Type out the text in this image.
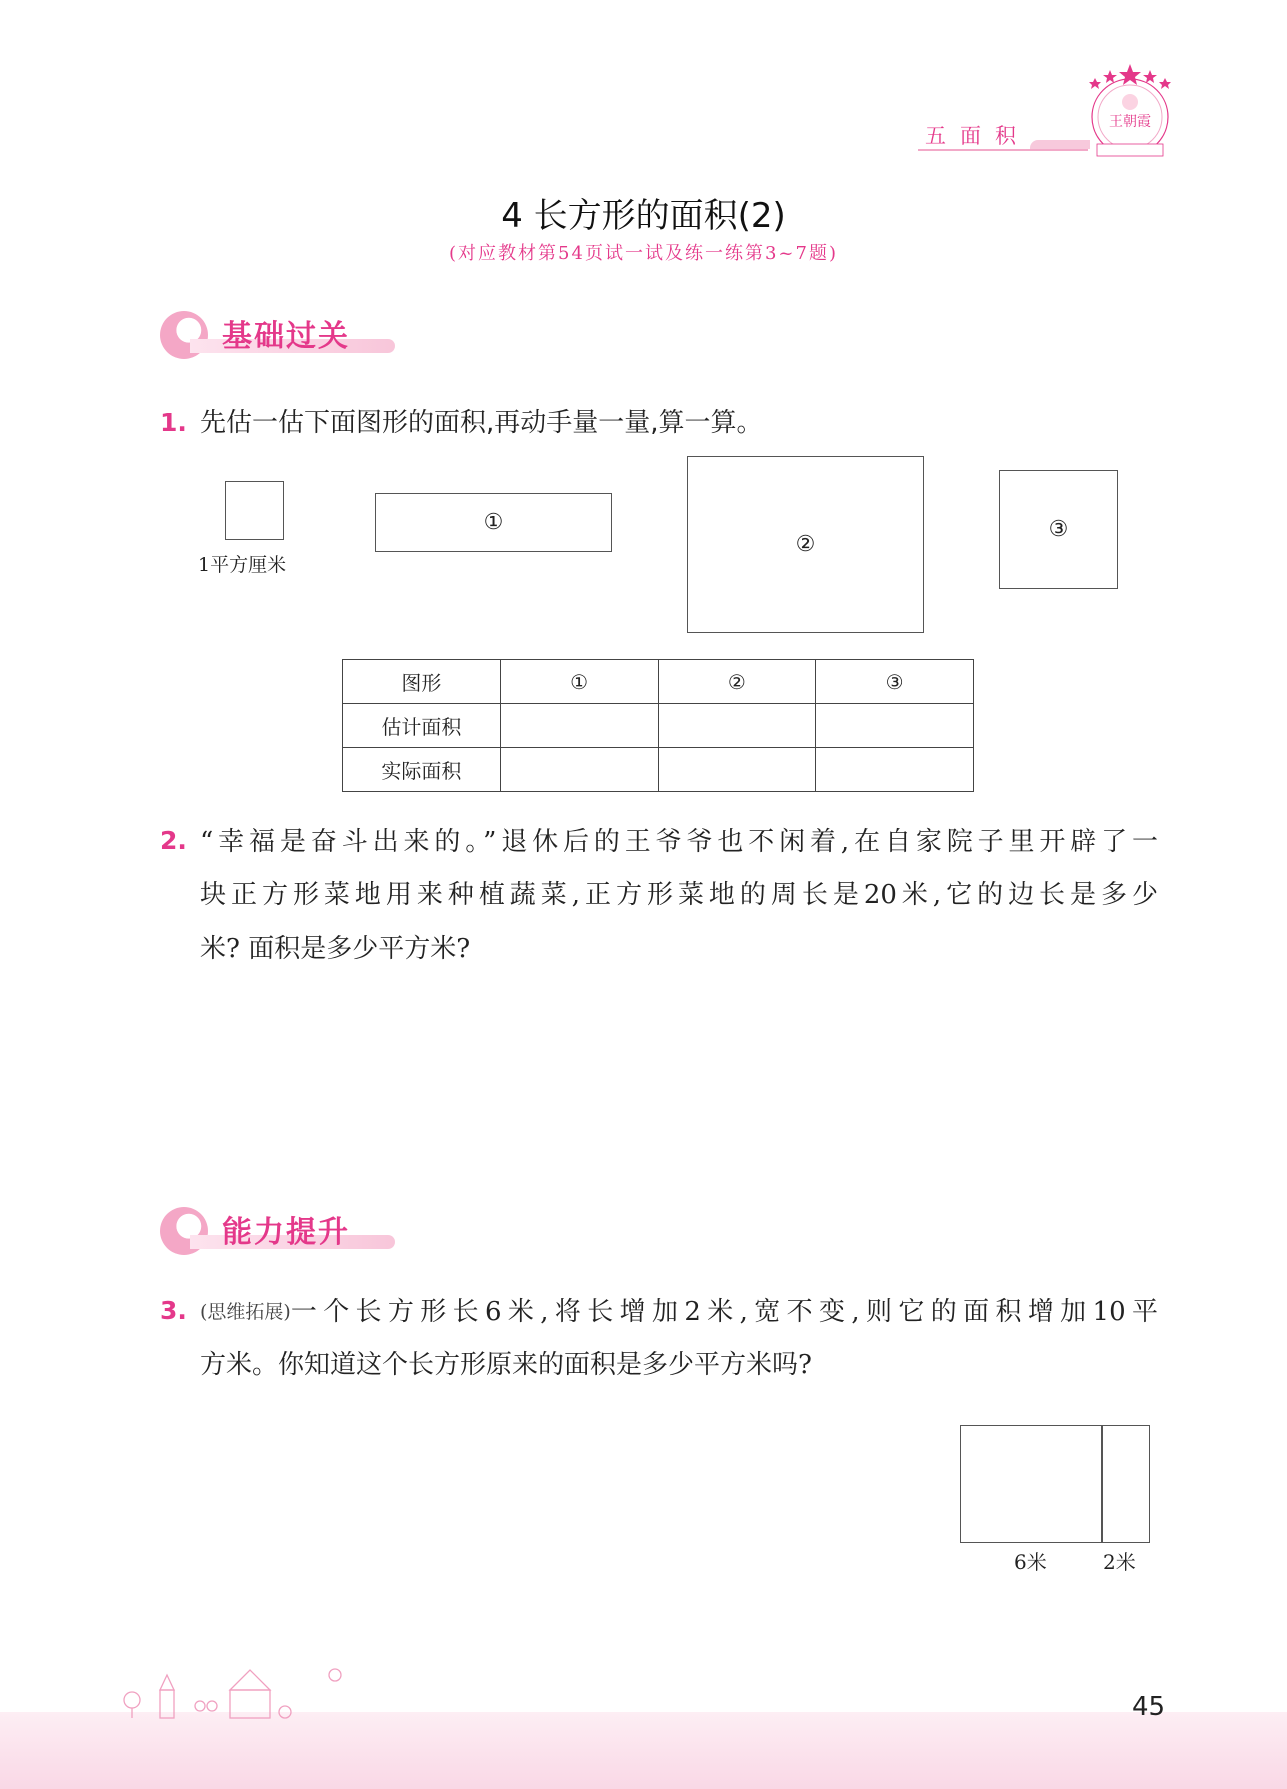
五面积
王朝霞
4 长方形的面积(2)
(对应教材第54页试一试及练一练第3~7题)
基础过关
1. 先估一估下面图形的面积,再动手量一量,算一算。
1平方厘米
①
②
③
图形	①	②	③
估计面积			
实际面积			
2. “幸福是奋斗出来的。”退休后的王爷爷也不闲着,在自家院子里开辟了一
块正方形菜地用来种植蔬菜,正方形菜地的周长是20米,它的边长是多少
米? 面积是多少平方米?
能力提升
3. (思维拓展) 一个长方形长6米,将长增加2米,宽不变,则它的面积增加10平
方米。你知道这个长方形原来的面积是多少平方米吗?
6米	2米
45
